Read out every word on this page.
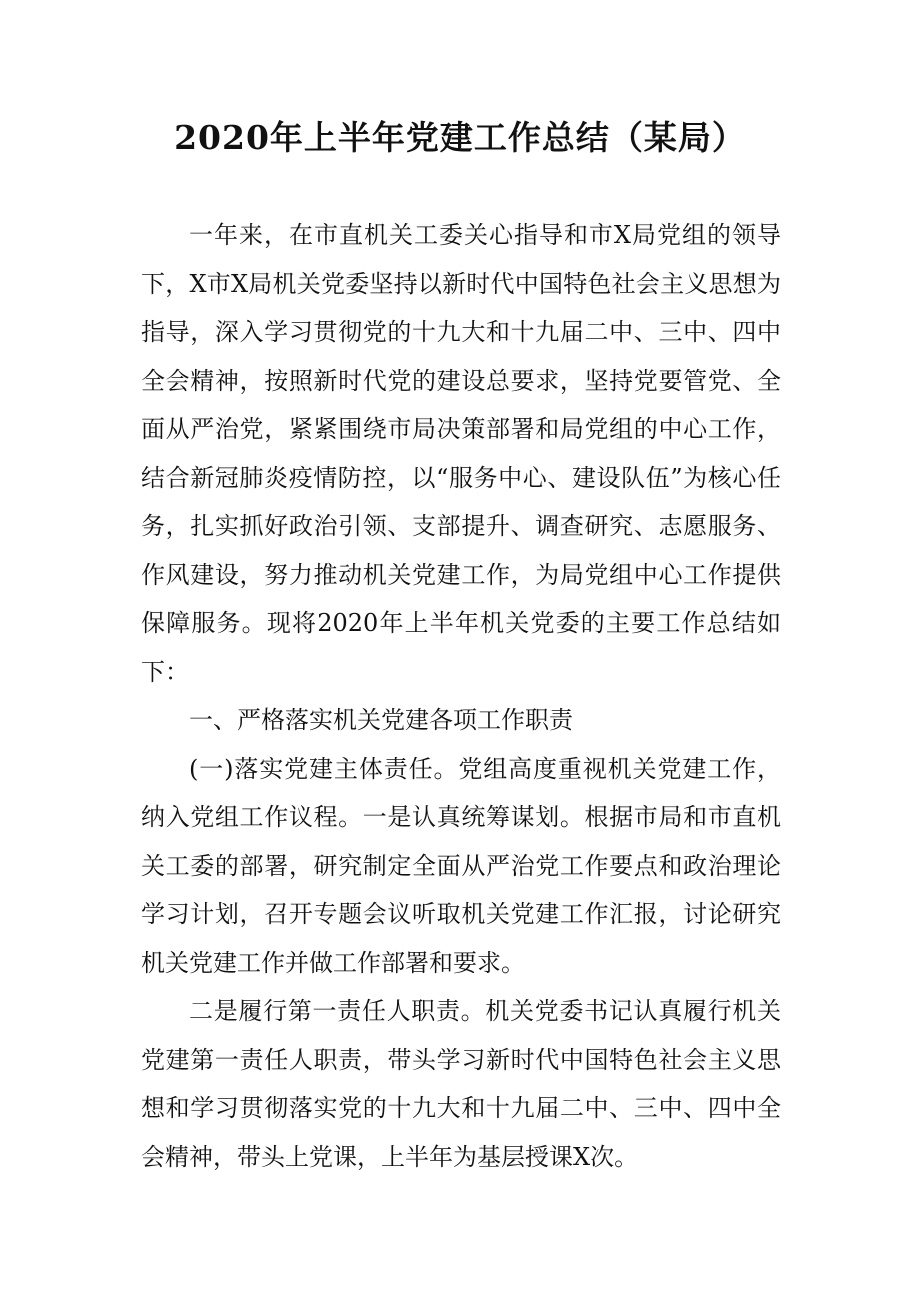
2020年上半年党建工作总结（某局）

一年来，在市直机关工委关心指导和市X局党组的领导下，X市X局机关党委坚持以新时代中国特色社会主义思想为指导，深入学习贯彻党的十九大和十九届二中、三中、四中全会精神，按照新时代党的建设总要求，坚持党要管党、全面从严治党，紧紧围绕市局决策部署和局党组的中心工作，结合新冠肺炎疫情防控，以“服务中心、建设队伍”为核心任务，扎实抓好政治引领、支部提升、调查研究、志愿服务、作风建设，努力推动机关党建工作，为局党组中心工作提供保障服务。现将2020年上半年机关党委的主要工作总结如下：

一、严格落实机关党建各项工作职责

(一)落实党建主体责任。党组高度重视机关党建工作，纳入党组工作议程。一是认真统筹谋划。根据市局和市直机关工委的部署，研究制定全面从严治党工作要点和政治理论学习计划，召开专题会议听取机关党建工作汇报，讨论研究机关党建工作并做工作部署和要求。

二是履行第一责任人职责。机关党委书记认真履行机关党建第一责任人职责，带头学习新时代中国特色社会主义思想和学习贯彻落实党的十九大和十九届二中、三中、四中全会精神，带头上党课，上半年为基层授课X次。
